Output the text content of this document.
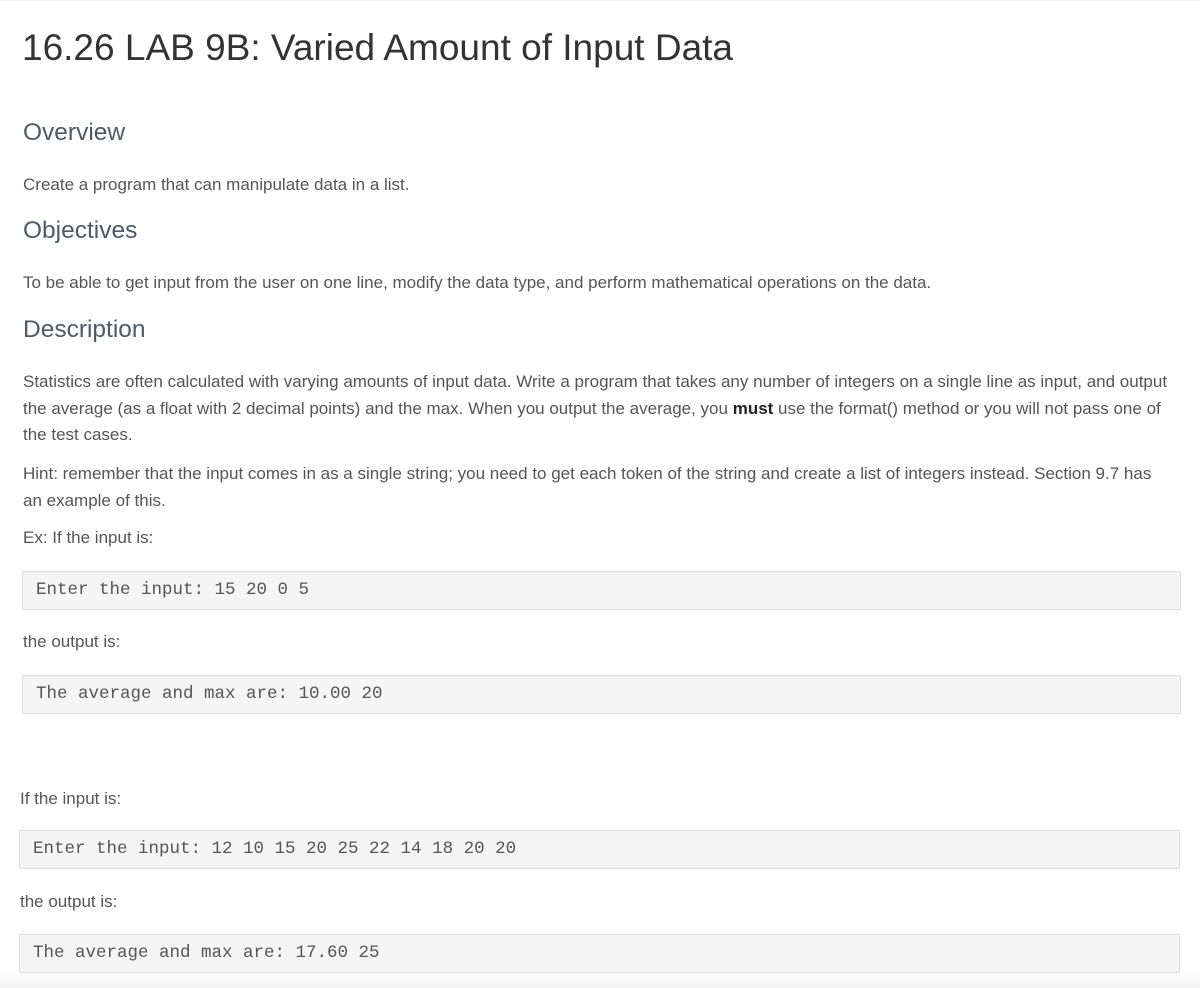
16.26 LAB 9B: Varied Amount of Input Data
Overview

Create a program that can manipulate data in a list.

Objectives

To be able to get input from the user on one line, modify the data type, and perform mathematical operations on the data.

Description

Statistics are often calculated with varying amounts of input data. Write a program that takes any number of integers on a single line as input, and output the average (as a float with 2 decimal points) and the max. When you output the average, you must use the format() method or you will not pass one of the test cases.

Hint: remember that the input comes in as a single string; you need to get each token of the string and create a list of integers instead. Section 9.7 has an example of this.

Ex: If the input is:

Enter the input: 15 20 0 5

the output is:

The average and max are: 10.00 20

If the input is:

Enter the input: 12 10 15 20 25 22 14 18 20 20

the output is:

The average and max are: 17.60 25
